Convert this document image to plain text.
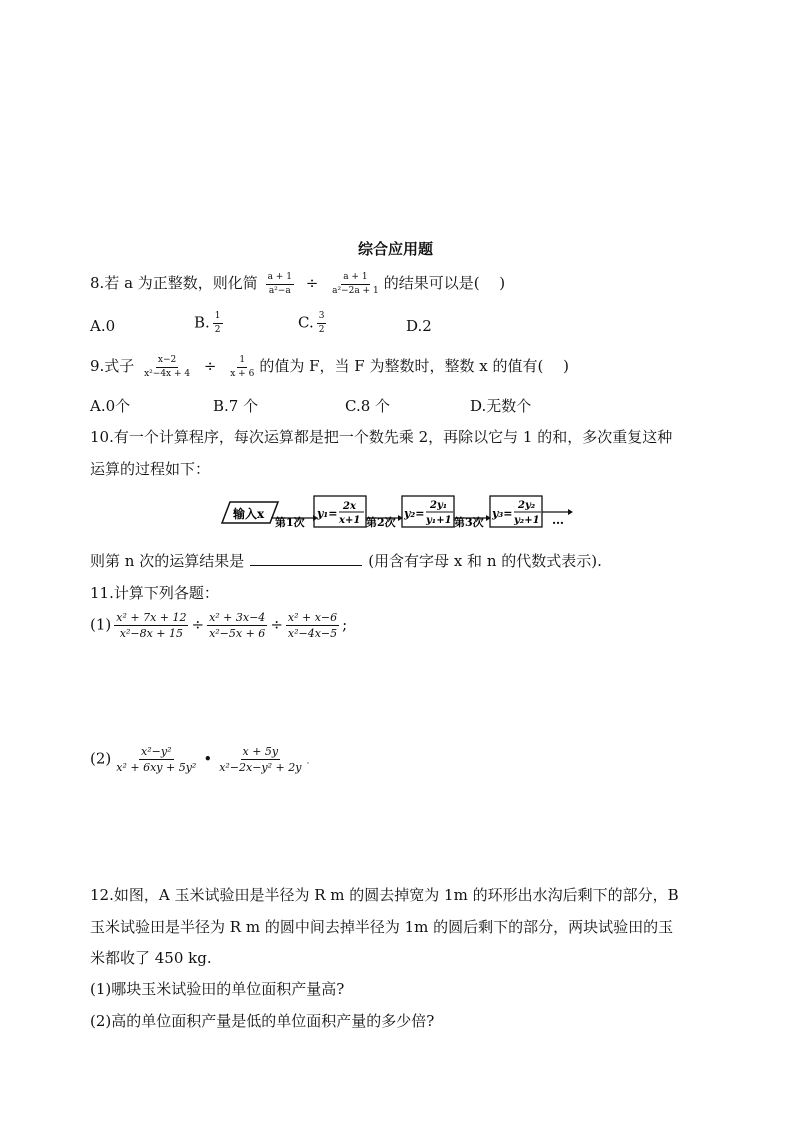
综合应用题
8.若 a 为正整数，则化简 $\frac{a + 1}{\text{a²−a}} \div \frac{a + 1}{\text{a²−2a + 1}}$ 的结果可以是(　 )
A.0	B. $\frac{1}{2}$	C. $\frac{3}{2}$	D.2
9.式子 $\frac{x-2}{\text{x²−4x + 4}} \div \frac{1}{x + 6}$ 的值为 F，当 F 为整数时，整数 x 的值有(　 )
A.0个	B.7 个	C.8 个	D.无数个
10.有一个计算程序，每次运算都是把一个数先乘 2，再除以它与 1 的和，多次重复这种
运算的过程如下：
输入x
第1次
y₁=
2x
x+1 第2次
y₂=
2y₁
y₁+1 第3次
y₃=
2y₂
y₂+1 …
则第 n 次的运算结果是	(用含有字母 x 和 n 的代数式表示).
11.计算下列各题：
$(1) \frac{\text{x² + 7x + 12}}{\text{x²−8x + 15}} \div \frac{\text{x² + 3x−4}}{\text{x²−5x + 6}} \div \frac{\text{x² + x−6}}{\text{x²−4x−5}}$ ;
$(2) \frac{\text{x²−y²}}{\text{x² + 6xy + 5y²}}$ • $\frac{x + 5y}{\text{x²−2x−y² + 2y}}$ .
12.如图，A 玉米试验田是半径为 R m 的圆去掉宽为 1m 的环形出水沟后剩下的部分，B
玉米试验田是半径为 R m 的圆中间去掉半径为 1m 的圆后剩下的部分，两块试验田的玉
米都收了 450 kg.
(1)哪块玉米试验田的单位面积产量高?
(2)高的单位面积产量是低的单位面积产量的多少倍?
